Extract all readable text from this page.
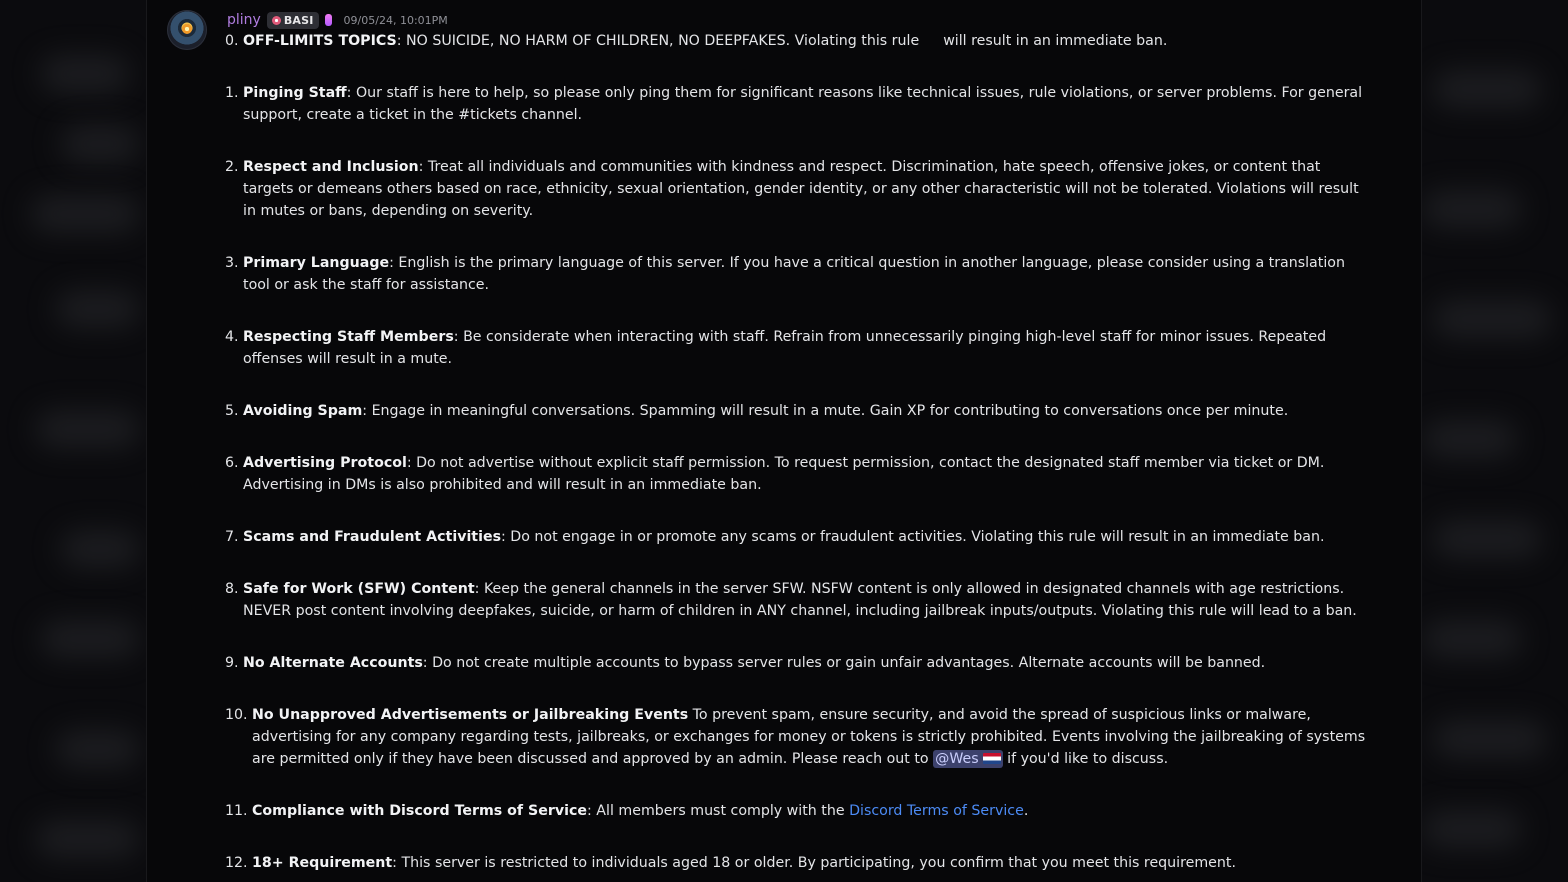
pliny BASI	09/05/24, 10:01PM
0. OFF-LIMITS TOPICS: NO SUICIDE, NO HARM OF CHILDREN, NO DEEPFAKES. Violating this rule will result in an immediate ban.
1. Pinging Staff: Our staff is here to help, so please only ping them for significant reasons like technical issues, rule violations, or server problems. For general support, create a ticket in the #tickets channel.
2. Respect and Inclusion: Treat all individuals and communities with kindness and respect. Discrimination, hate speech, offensive jokes, or content that targets or demeans others based on race, ethnicity, sexual orientation, gender identity, or any other characteristic will not be tolerated. Violations will result in mutes or bans, depending on severity.
3. Primary Language: English is the primary language of this server. If you have a critical question in another language, please consider using a translation tool or ask the staff for assistance.
4. Respecting Staff Members: Be considerate when interacting with staff. Refrain from unnecessarily pinging high-level staff for minor issues. Repeated offenses will result in a mute.
5. Avoiding Spam: Engage in meaningful conversations. Spamming will result in a mute. Gain XP for contributing to conversations once per minute.
6. Advertising Protocol: Do not advertise without explicit staff permission. To request permission, contact the designated staff member via ticket or DM. Advertising in DMs is also prohibited and will result in an immediate ban.
7. Scams and Fraudulent Activities: Do not engage in or promote any scams or fraudulent activities. Violating this rule will result in an immediate ban.
8. Safe for Work (SFW) Content: Keep the general channels in the server SFW. NSFW content is only allowed in designated channels with age restrictions. NEVER post content involving deepfakes, suicide, or harm of children in ANY channel, including jailbreak inputs/outputs. Violating this rule will lead to a ban.
9. No Alternate Accounts: Do not create multiple accounts to bypass server rules or gain unfair advantages. Alternate accounts will be banned.
10. No Unapproved Advertisements or Jailbreaking Events To prevent spam, ensure security, and avoid the spread of suspicious links or malware, advertising for any company regarding tests, jailbreaks, or exchanges for money or tokens is strictly prohibited. Events involving the jailbreaking of systems are permitted only if they have been discussed and approved by an admin. Please reach out to @Wes if you'd like to discuss.
11. Compliance with Discord Terms of Service: All members must comply with the Discord Terms of Service.
12. 18+ Requirement: This server is restricted to individuals aged 18 or older. By participating, you confirm that you meet this requirement.
